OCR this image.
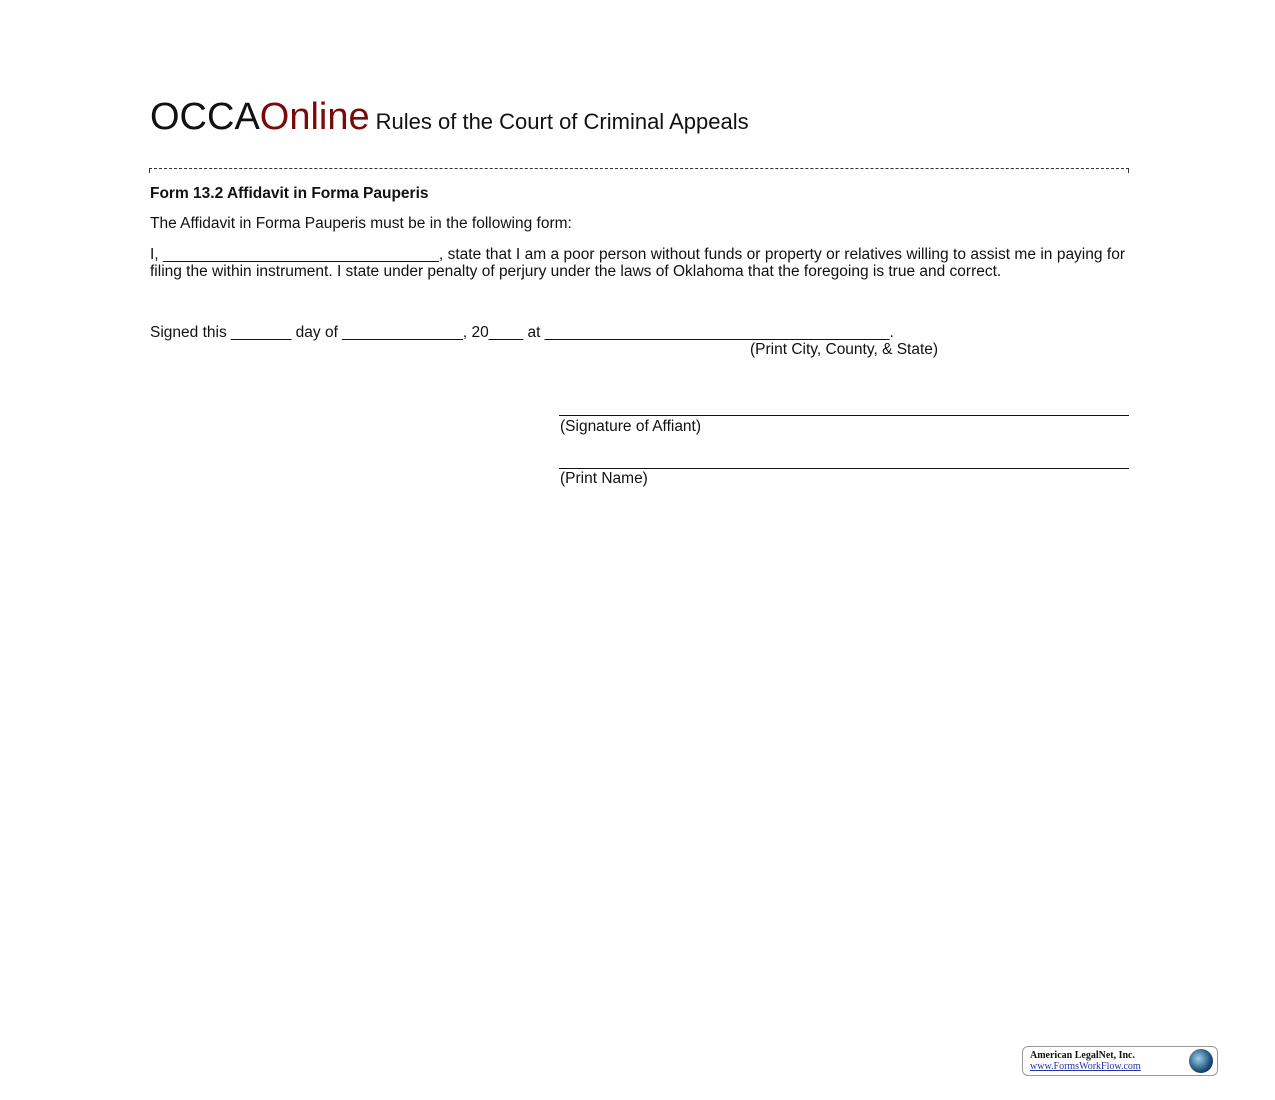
OCCAOnline Rules of the Court of Criminal Appeals
Form 13.2 Affidavit in Forma Pauperis
The Affidavit in Forma Pauperis must be in the following form:
I, ________________________________, state that I am a poor person without funds or property or relatives willing to assist me in paying for filing the within instrument. I state under penalty of perjury under the laws of Oklahoma that the foregoing is true and correct.
Signed this _______ day of ______________, 20____ at ________________________________________.
(Print City, County, & State)
(Signature of Affiant)
(Print Name)
American LegalNet, Inc.
www.FormsWorkFlow.com
